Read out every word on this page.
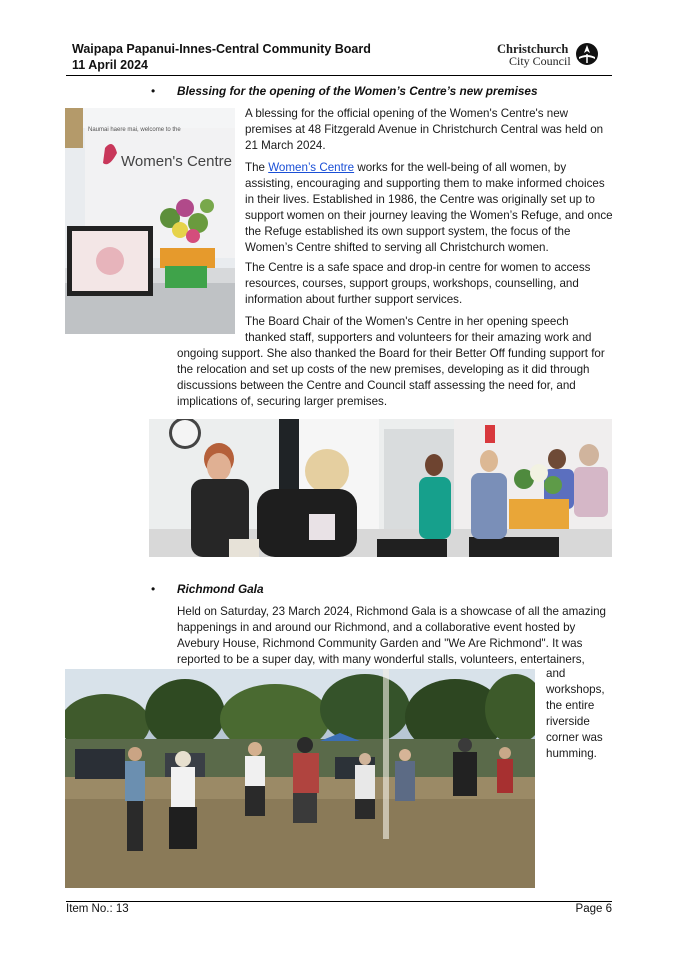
Waipapa Papanui-Innes-Central Community Board
11 April 2024
Christchurch
City Council
• Blessing for the opening of the Women’s Centre’s new premises
Naumai haere mai, welcome to the
Women's Centre

A blessing for the official opening of the Women's Centre's new premises at 48 Fitzgerald Avenue in Christchurch Central was held on 21 March 2024.

The Women’s Centre works for the well-being of all women, by assisting, encouraging and supporting them to make informed choices in their lives. Established in 1986, the Centre was originally set up to support women on their journey leaving the Women’s Refuge, and once the Refuge established its own support system, the focus of the Women’s Centre shifted to serving all Christchurch women.

The Centre is a safe space and drop-in centre for women to access resources, courses, support groups, workshops, counselling, and information about further support services.

The Board Chair of the Women's Centre in her opening speech
thanked staff, supporters and volunteers for their amazing work and

ongoing support. She also thanked the Board for their Better Off funding support for the relocation and set up costs of the new premises, developing as it did through discussions between the Centre and Council staff assessing the need for, and implications of, securing larger premises.

• Richmond Gala

Held on Saturday, 23 March 2024, Richmond Gala is a showcase of all the amazing happenings in and around our Richmond, and a collaborative event hosted by Avebury House, Richmond Community Garden and "We Are Richmond". It was reported to be a super day, with many wonderful stalls, volunteers, entertainers,

and
workshops,
the entire
riverside
corner was
humming.
Item No.: 13	Page 6
